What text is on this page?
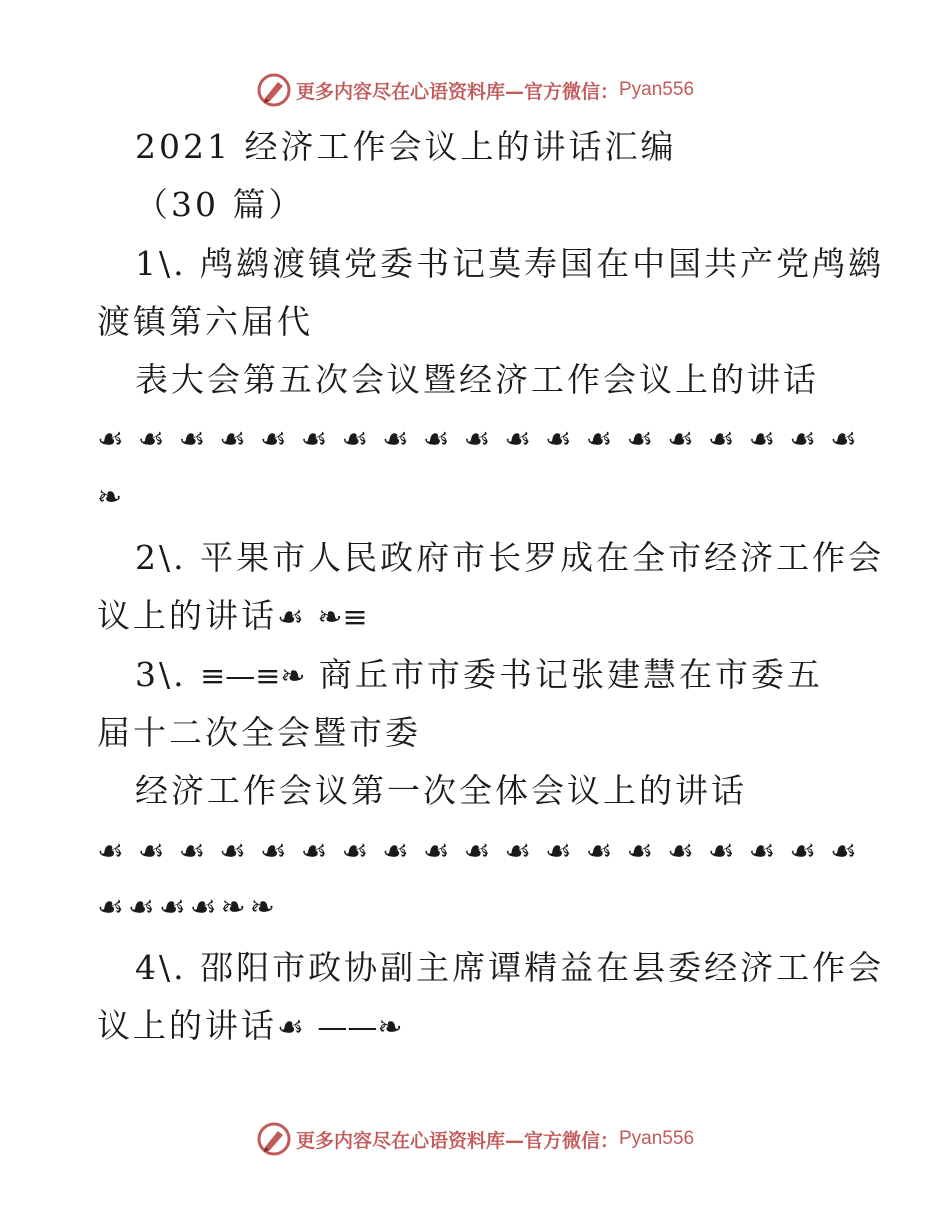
更多内容尽在心语资料库—官方微信： Pyan556
2021 经济工作会议上的讲话汇编
（30 篇）
1\. 鸬鹚渡镇党委书记莫寿国在中国共产党鸬鹚
渡镇第六届代
表大会第五次会议暨经济工作会议上的讲话
☙ ☙ ☙ ☙ ☙ ☙ ☙ ☙ ☙ ☙ ☙ ☙ ☙ ☙ ☙ ☙ ☙ ☙ ☙
❧
2\. 平果市人民政府市长罗成在全市经济工作会
议上的讲话☙ ❧≡
3\. ≡—≡❧ 商丘市市委书记张建慧在市委五
届十二次全会暨市委
经济工作会议第一次全体会议上的讲话
☙ ☙ ☙ ☙ ☙ ☙ ☙ ☙ ☙ ☙ ☙ ☙ ☙ ☙ ☙ ☙ ☙ ☙ ☙
☙ ☙ ☙ ☙ ❧ ❧
4\. 邵阳市政协副主席谭精益在县委经济工作会
议上的讲话☙ ——❧
更多内容尽在心语资料库—官方微信： Pyan556
